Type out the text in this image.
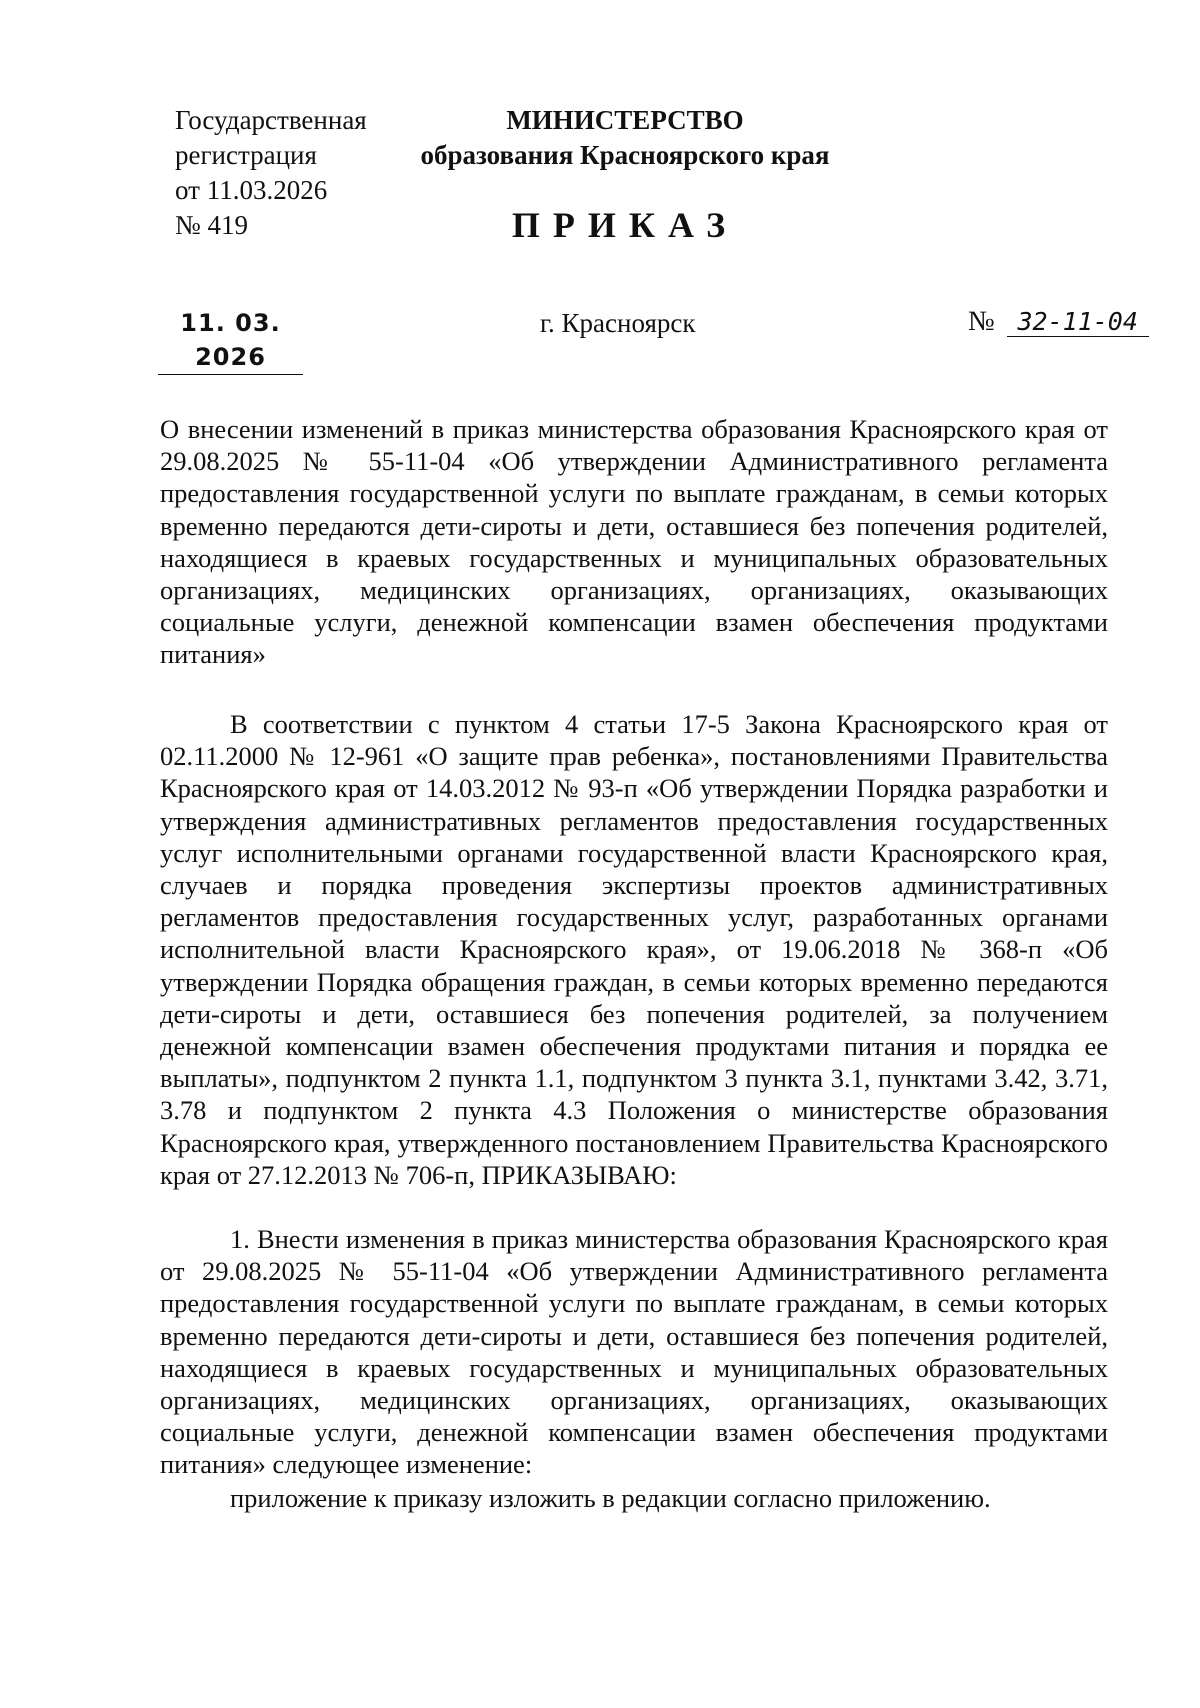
Государственная
регистрация
от 11.03.2026
№ 419
МИНИСТЕРСТВО
образования Красноярского края
ПРИКАЗ
11. 03. 2026
г. Красноярск	№ 32-11-04
О внесении изменений в приказ министерства образования Красноярского края от 29.08.2025 № 55-11-04 «Об утверждении Административного регламента предоставления государственной услуги по выплате гражданам, в семьи которых временно передаются дети-сироты и дети, оставшиеся без попечения родителей, находящиеся в краевых государственных и муниципальных образовательных организациях, медицинских организациях, организациях, оказывающих социальные услуги, денежной компенсации взамен обеспечения продуктами питания»
В соответствии с пунктом 4 статьи 17-5 Закона Красноярского края от 02.11.2000 № 12-961 «О защите прав ребенка», постановлениями Правительства Красноярского края от 14.03.2012 № 93-п «Об утверждении Порядка разработки и утверждения административных регламентов предоставления государственных услуг исполнительными органами государственной власти Красноярского края, случаев и порядка проведения экспертизы проектов административных регламентов предоставления государственных услуг, разработанных органами исполнительной власти Красноярского края», от 19.06.2018 № 368-п «Об утверждении Порядка обращения граждан, в семьи которых временно передаются дети-сироты и дети, оставшиеся без попечения родителей, за получением денежной компенсации взамен обеспечения продуктами питания и порядка ее выплаты», подпунктом 2 пункта 1.1, подпунктом 3 пункта 3.1, пунктами 3.42, 3.71, 3.78 и подпунктом 2 пункта 4.3 Положения о министерстве образования Красноярского края, утвержденного постановлением Правительства Красноярского края от 27.12.2013 № 706-п, ПРИКАЗЫВАЮ:
1. Внести изменения в приказ министерства образования Красноярского края от 29.08.2025 № 55-11-04 «Об утверждении Административного регламента предоставления государственной услуги по выплате гражданам, в семьи которых временно передаются дети-сироты и дети, оставшиеся без попечения родителей, находящиеся в краевых государственных и муниципальных образовательных организациях, медицинских организациях, организациях, оказывающих социальные услуги, денежной компенсации взамен обеспечения продуктами питания» следующее изменение:
приложение к приказу изложить в редакции согласно приложению.
